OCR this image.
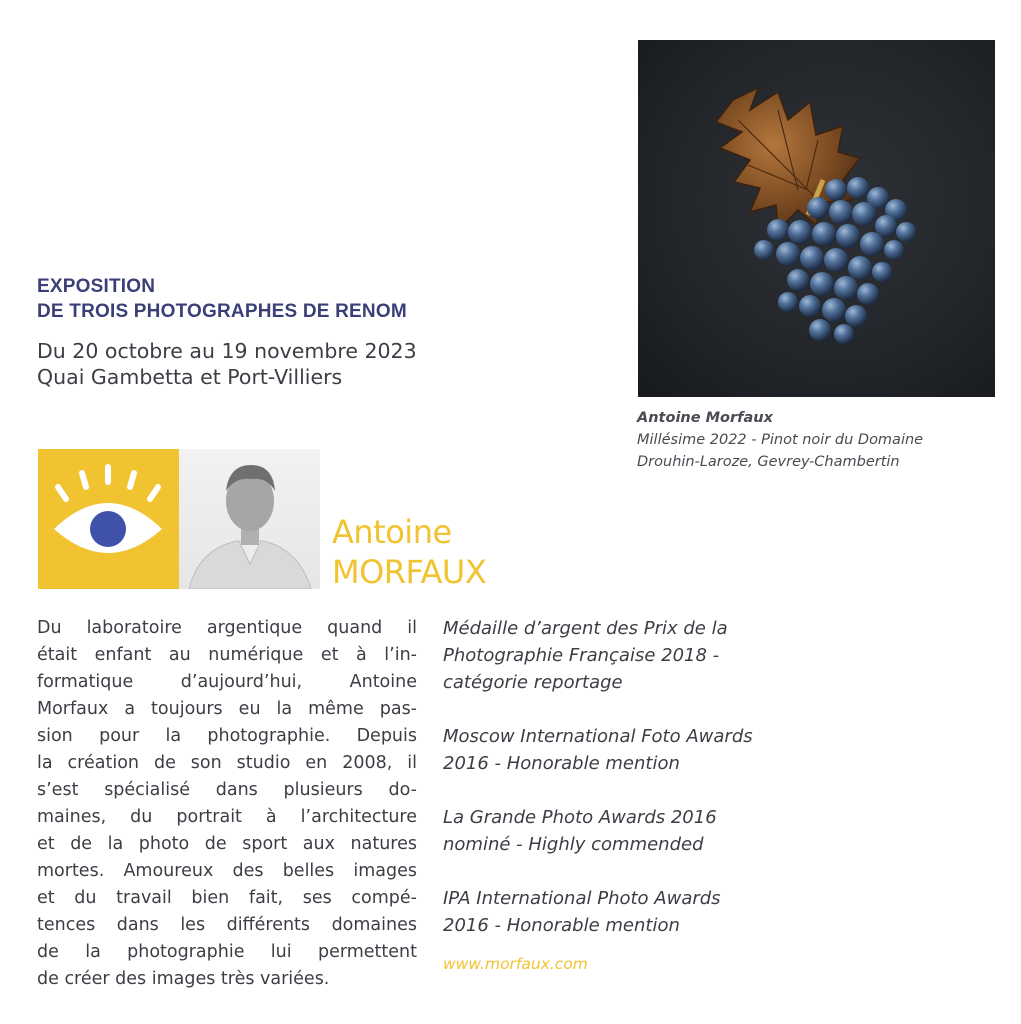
EXPOSITION
DE TROIS PHOTOGRAPHES DE RENOM
Du 20 octobre au 19 novembre 2023
Quai Gambetta et Port-Villiers
Antoine Morfaux
Millésime 2022 - Pinot noir du Domaine
Drouhin-Laroze, Gevrey-Chambertin
Antoine
MORFAUX
Du laboratoire argentique quand il
était enfant au numérique et à l’in-
formatique d’aujourd’hui, Antoine
Morfaux a toujours eu la même pas-
sion pour la photographie. Depuis
la création de son studio en 2008, il
s’est spécialisé dans plusieurs do-
maines, du portrait à l’architecture
et de la photo de sport aux natures
mortes. Amoureux des belles images
et du travail bien fait, ses compé-
tences dans les différents domaines
de la photographie lui permettent
de créer des images très variées.
Médaille d’argent des Prix de la
Photographie Française 2018 -
catégorie reportage
Moscow International Foto Awards
2016 - Honorable mention
La Grande Photo Awards 2016
nominé - Highly commended
IPA International Photo Awards
2016 - Honorable mention
www.morfaux.com
